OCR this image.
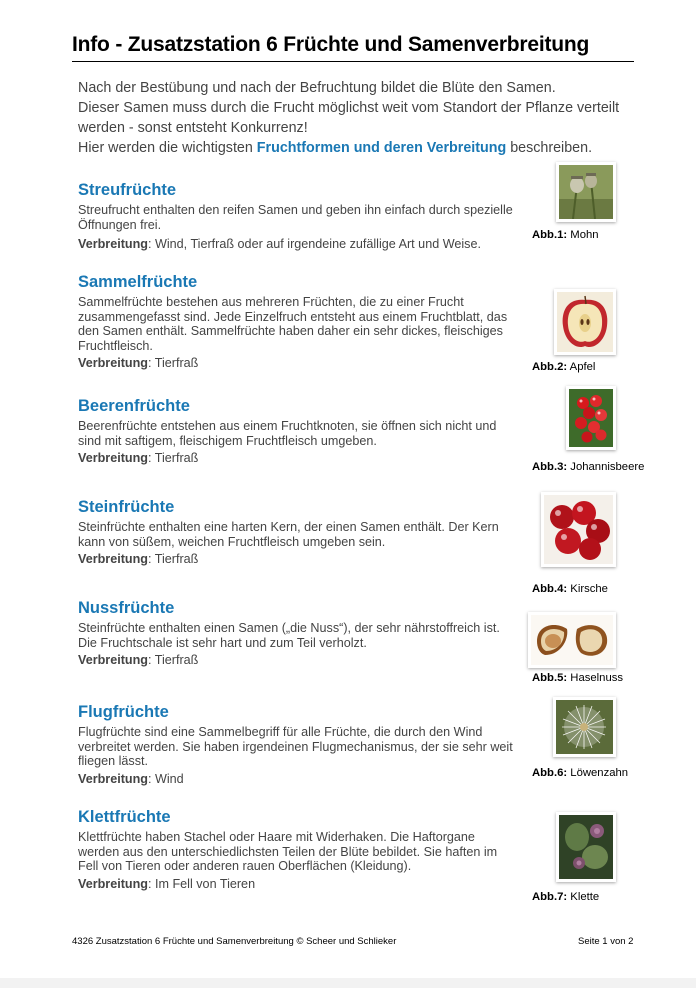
Info - Zusatzstation 6 Früchte und Samenverbreitung
Nach der Bestübung und nach der Befruchtung bildet die Blüte den Samen.
Dieser Samen muss durch die Frucht möglichst weit vom Standort der Pflanze verteilt werden - sonst entsteht Konkurrenz!
Hier werden die wichtigsten Fruchtformen und deren Verbreitung beschreiben.
Streufrüchte

Streufrucht enthalten den reifen Samen und geben ihn einfach durch spezielle Öffnungen frei.

Verbreitung: Wind, Tierfraß oder auf irgendeine zufällige Art und Weise.

Sammelfrüchte

Sammelfrüchte bestehen aus mehreren Früchten, die zu einer Frucht zusammengefasst sind. Jede Einzelfruch entsteht aus einem Fruchtblatt, das den Samen enthält. Sammelfrüchte haben daher ein sehr dickes, fleischiges Fruchtfleisch.

Verbreitung: Tierfraß

Beerenfrüchte

Beerenfrüchte entstehen aus einem Fruchtknoten, sie öffnen sich nicht und sind mit saftigem, fleischigem Fruchtfleisch umgeben.

Verbreitung: Tierfraß

Steinfrüchte

Steinfrüchte enthalten eine harten Kern, der einen Samen enthält. Der Kern kann von süßem, weichen Fruchtfleisch umgeben sein.

Verbreitung: Tierfraß

Nussfrüchte

Steinfrüchte enthalten einen Samen („die Nuss“), der sehr nährstoffreich ist. Die Fruchtschale ist sehr hart und zum Teil verholzt.

Verbreitung: Tierfraß

Flugfrüchte

Flugfrüchte sind eine Sammelbegriff für alle Früchte, die durch den Wind verbreitet werden. Sie haben irgendeinen Flugmechanismus, der sie sehr weit fliegen lässt.

Verbreitung: Wind

Klettfrüchte

Klettfrüchte haben Stachel oder Haare mit Widerhaken. Die Haftorgane werden aus den unterschiedlichsten Teilen der Blüte bebildet. Sie haften im Fell von Tieren oder anderen rauen Oberflächen (Kleidung).

Verbreitung: Im Fell von Tieren

Abb.1: Mohn
Abb.2: Apfel
Abb.3: Johannisbeere
Abb.4: Kirsche
Abb.5: Haselnuss
Abb.6: Löwenzahn
Abb.7: Klette
4326 Zusatzstation 6 Früchte und Samenverbreitung © Scheer und Schlieker	Seite 1 von 2
